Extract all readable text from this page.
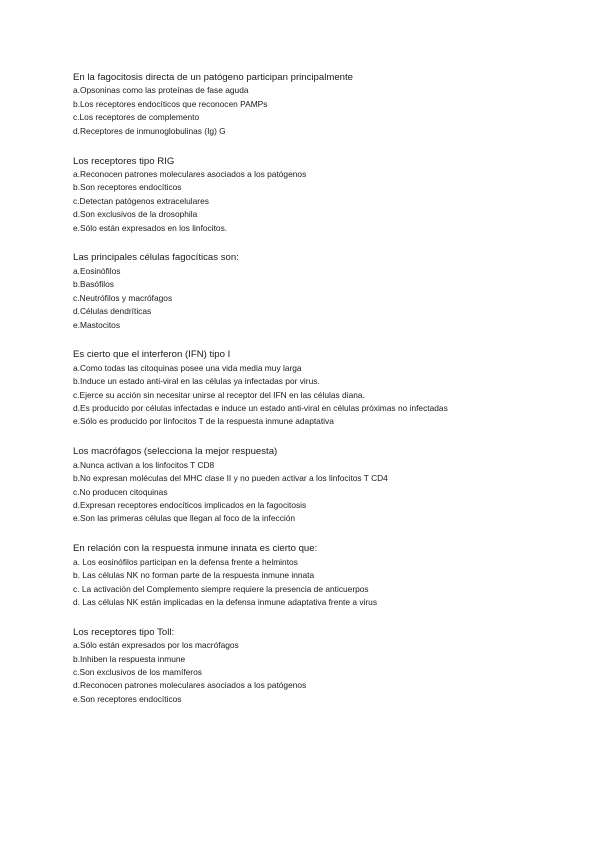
En la fagocitosis directa de un patógeno participan principalmente

a.Opsoninas como las proteínas de fase aguda
b.Los receptores endocíticos que reconocen PAMPs
c.Los receptores de complemento
d.Receptores de inmunoglobulinas (Ig) G

Los receptores tipo RIG

a.Reconocen patrones moleculares asociados a los patógenos
b.Son receptores endocíticos
c.Detectan patógenos extracelulares
d.Son exclusivos de la drosophila
e.Sólo están expresados en los linfocitos.

Las principales células fagocíticas son:

a.Eosinófilos
b.Basófilos
c.Neutrófilos y macrófagos
d.Células dendríticas
e.Mastocitos

Es cierto que el interferon (IFN) tipo I

a.Como todas las citoquinas posee una vida media muy larga
b.Induce un estado anti-viral en las células ya infectadas por virus.
c.Ejerce su acción sin necesitar unirse al receptor del IFN en las células diana.
d.Es producido por células infectadas e induce un estado anti-viral en células próximas no infectadas
e.Sólo es producido por linfocitos T de la respuesta inmune adaptativa

Los macrófagos (selecciona la mejor respuesta)

a.Nunca activan a los linfocitos T CD8
b.No expresan moléculas del MHC clase II y no pueden activar a los linfocitos T CD4
c.No producen citoquinas
d.Expresan receptores endocíticos implicados en la fagocitosis
e.Son las primeras células que llegan al foco de la infección

En relación con la respuesta inmune innata es cierto que:

a. Los eosinófilos participan en la defensa frente a helmintos
b. Las células NK no forman parte de la respuesta inmune innata
c. La activación del Complemento siempre requiere la presencia de anticuerpos
d. Las células NK están implicadas en la defensa inmune adaptativa frente a virus

Los receptores tipo Toll:

a.Sólo están expresados por los macrófagos
b.Inhiben la respuesta inmune
c.Son exclusivos de los mamíferos
d.Reconocen patrones moleculares asociados a los patógenos
e.Son receptores endocíticos
